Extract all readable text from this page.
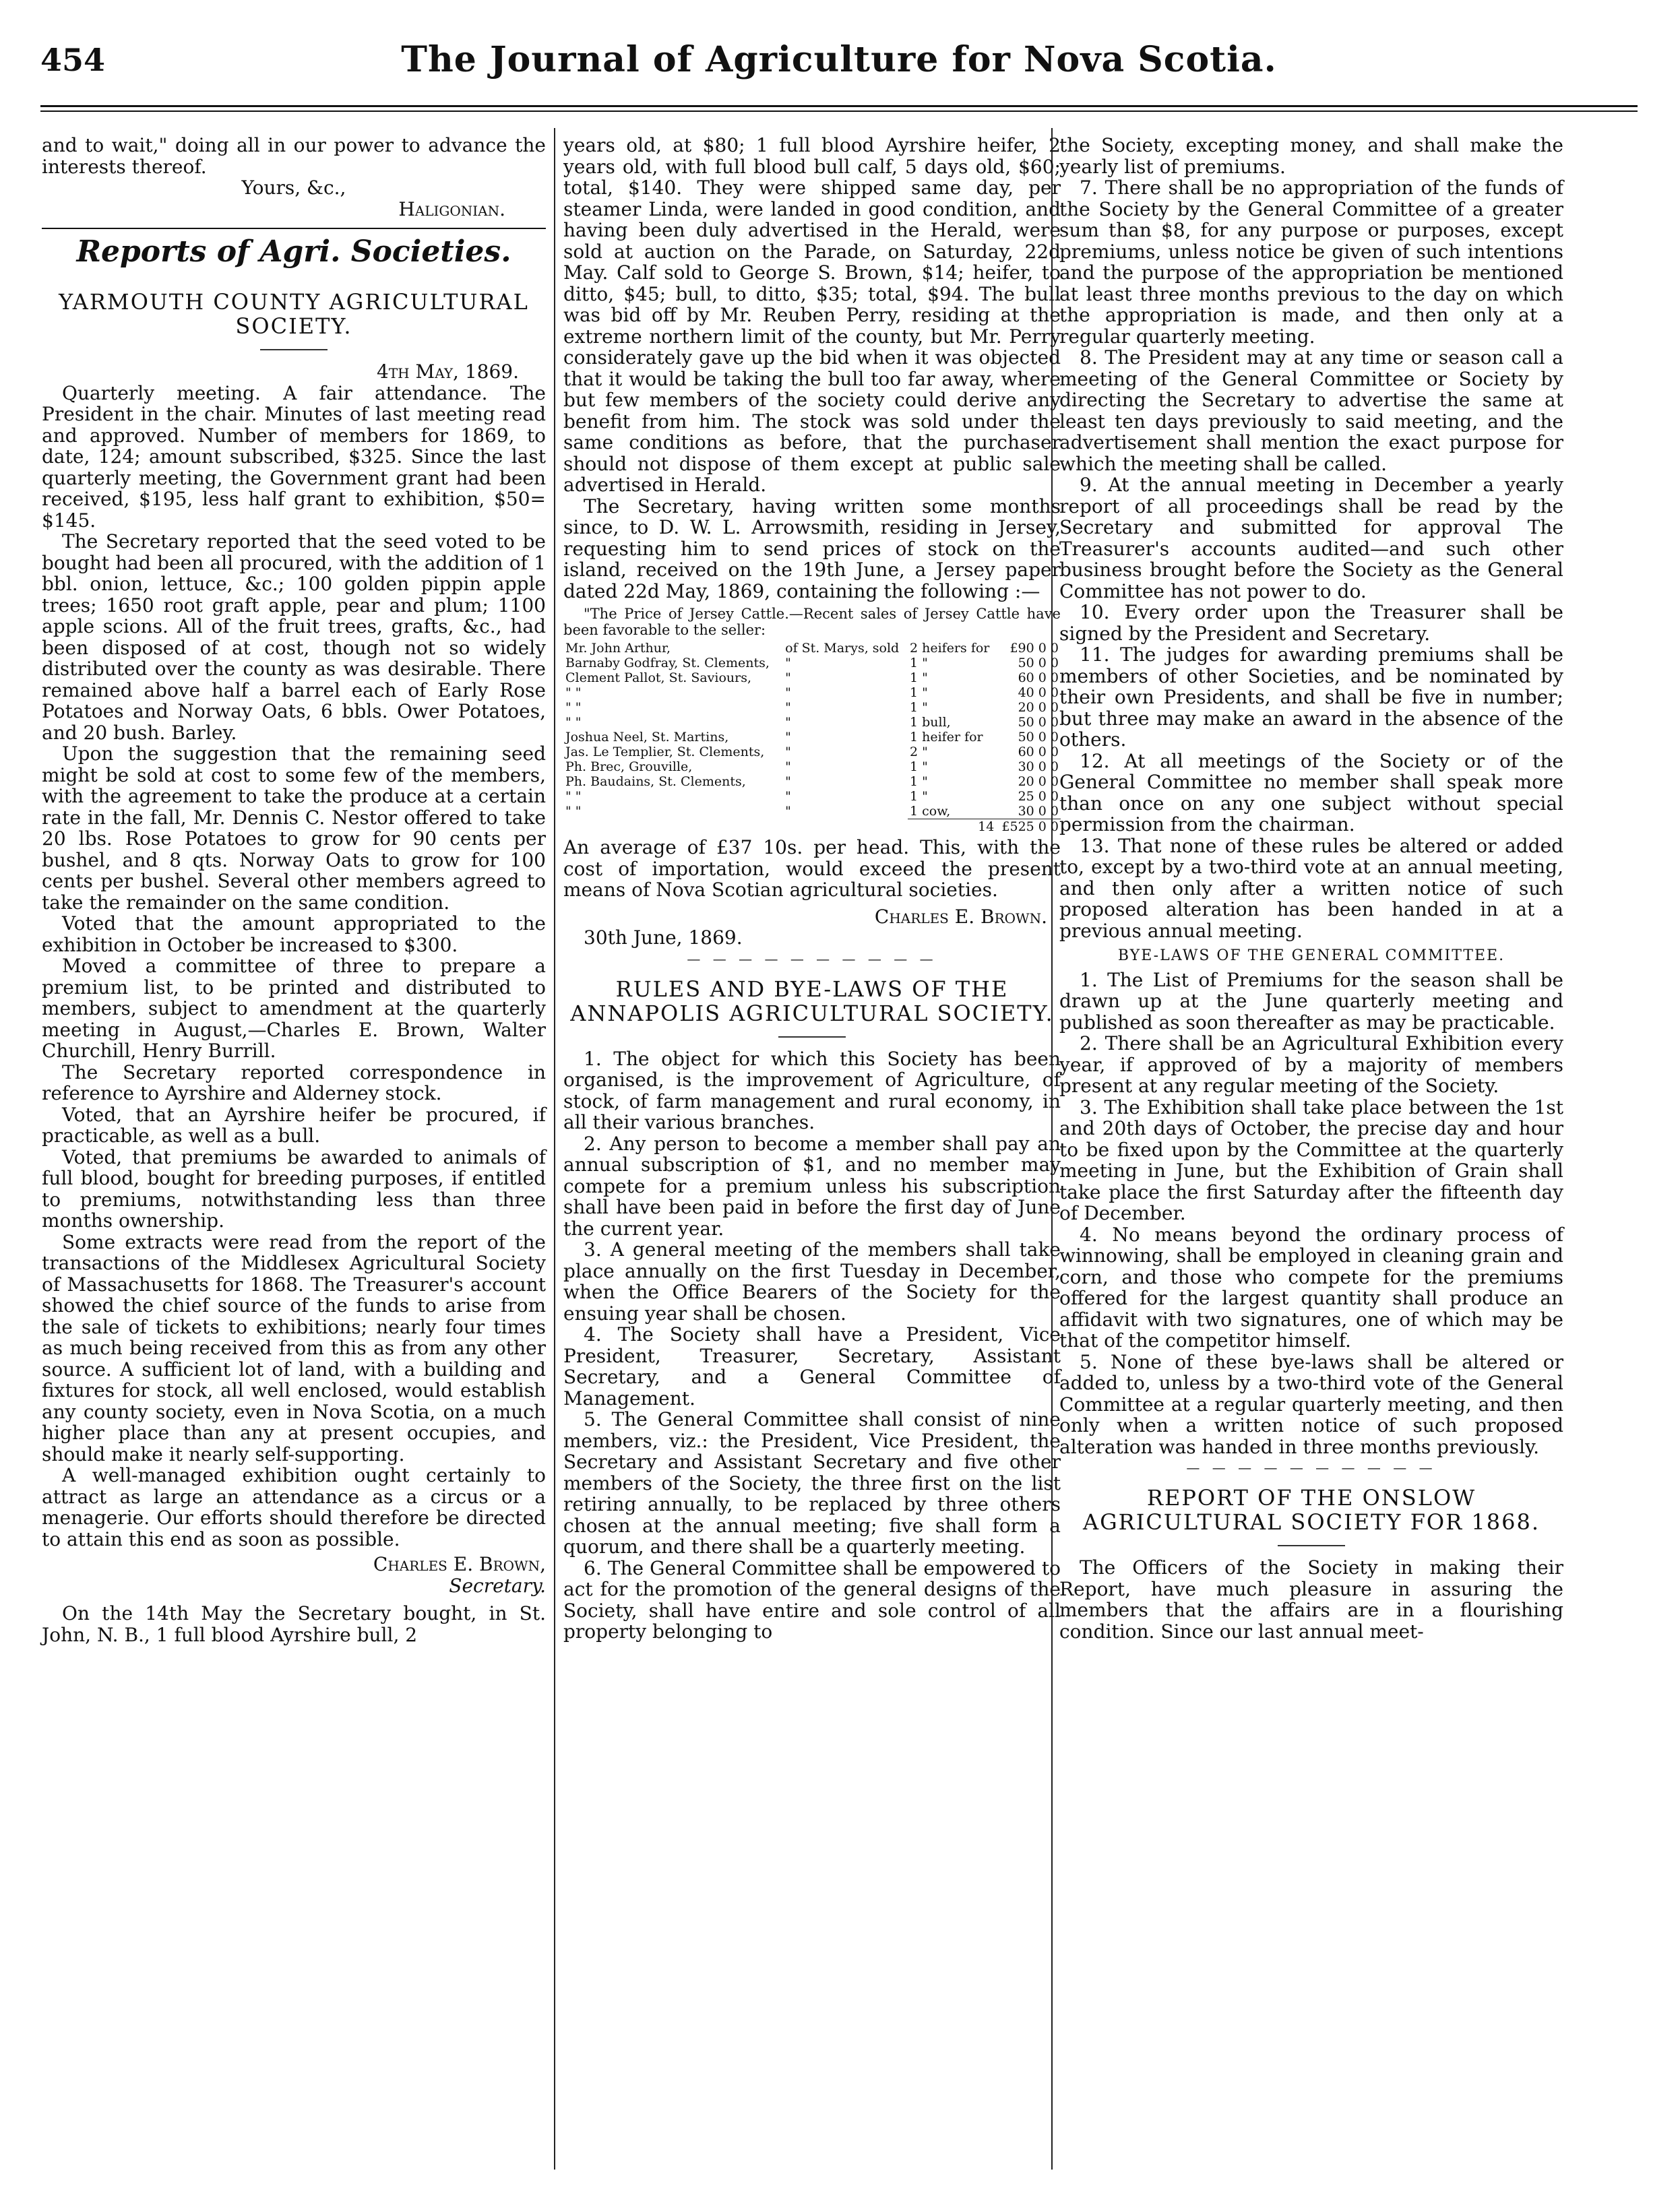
454	The Journal of Agriculture for Nova Scotia.

and to wait," doing all in our power to advance the interests thereof.

Yours, &c.,

Haligonian.

Reports of Agri. Societies.
YARMOUTH COUNTY AGRICULTURAL SOCIETY.

4th May, 1869.

Quarterly meeting. A fair attendance. The President in the chair. Minutes of last meeting read and approved. Number of members for 1869, to date, 124; amount subscribed, $325. Since the last quarterly meeting, the Government grant had been received, $195, less half grant to exhibition, $50= $145.

The Secretary reported that the seed voted to be bought had been all procured, with the addition of 1 bbl. onion, lettuce, &c.; 100 golden pippin apple trees; 1650 root graft apple, pear and plum; 1100 apple scions. All of the fruit trees, grafts, &c., had been disposed of at cost, though not so widely distributed over the county as was desirable. There remained above half a barrel each of Early Rose Potatoes and Norway Oats, 6 bbls. Ower Potatoes, and 20 bush. Barley.

Upon the suggestion that the remaining seed might be sold at cost to some few of the members, with the agreement to take the produce at a certain rate in the fall, Mr. Dennis C. Nestor offered to take 20 lbs. Rose Potatoes to grow for 90 cents per bushel, and 8 qts. Norway Oats to grow for 100 cents per bushel. Several other members agreed to take the remainder on the same condition.

Voted that the amount appropriated to the exhibition in October be increased to $300.

Moved a committee of three to prepare a premium list, to be printed and distributed to members, subject to amendment at the quarterly meeting in August,—Charles E. Brown, Walter Churchill, Henry Burrill.

The Secretary reported correspondence in reference to Ayrshire and Alderney stock.

Voted, that an Ayrshire heifer be procured, if practicable, as well as a bull.

Voted, that premiums be awarded to animals of full blood, bought for breeding purposes, if entitled to premiums, notwithstanding less than three months ownership.

Some extracts were read from the report of the transactions of the Middlesex Agricultural Society of Massachusetts for 1868. The Treasurer's account showed the chief source of the funds to arise from the sale of tickets to exhibitions; nearly four times as much being received from this as from any other source. A sufficient lot of land, with a building and fixtures for stock, all well enclosed, would establish any county society, even in Nova Scotia, on a much higher place than any at present occupies, and should make it nearly self-supporting.

A well-managed exhibition ought certainly to attract as large an attendance as a circus or a menagerie. Our efforts should therefore be directed to attain this end as soon as possible.

Charles E. Brown,

Secretary.

On the 14th May the Secretary bought, in St. John, N. B., 1 full blood Ayrshire bull, 2

years old, at $80; 1 full blood Ayrshire heifer, 2 years old, with full blood bull calf, 5 days old, $60; total, $140. They were shipped same day, per steamer Linda, were landed in good condition, and having been duly advertised in the Herald, were sold at auction on the Parade, on Saturday, 22d May. Calf sold to George S. Brown, $14; heifer, to ditto, $45; bull, to ditto, $35; total, $94. The bull was bid off by Mr. Reuben Perry, residing at the extreme northern limit of the county, but Mr. Perry considerately gave up the bid when it was objected that it would be taking the bull too far away, where but few members of the society could derive any benefit from him. The stock was sold under the same conditions as before, that the purchaser should not dispose of them except at public sale advertised in Herald.

The Secretary, having written some months since, to D. W. L. Arrowsmith, residing in Jersey, requesting him to send prices of stock on the island, received on the 19th June, a Jersey paper dated 22d May, 1869, containing the following :—

"The Price of Jersey Cattle.—Recent sales of Jersey Cattle have been favorable to the seller:

Mr. John Arthur,	of St. Marys, sold	2 heifers for	£90 0 0
Barnaby Godfray, St. Clements,	"	1 "	50 0 0
Clement Pallot, St. Saviours,	"	1 "	60 0 0
" "	"	1 "	40 0 0
" "	"	1 "	20 0 0
" "	"	1 bull,	50 0 0
Joshua Neel, St. Martins,	"	1 heifer for	50 0 0
Jas. Le Templier, St. Clements,	"	2 "	60 0 0
Ph. Brec, Grouville,	"	1 "	30 0 0
Ph. Baudains, St. Clements,	"	1 "	20 0 0
" "	"	1 "	25 0 0
" "	"	1 cow,	30 0 0
		14	£525 0 0

An average of £37 10s. per head. This, with the cost of importation, would exceed the present means of Nova Scotian agricultural societies.

Charles E. Brown.

30th June, 1869.

— — — — — — — — — —
RULES AND BYE-LAWS OF THE ANNAPOLIS AGRICULTURAL SOCIETY.

1. The object for which this Society has been organised, is the improvement of Agriculture, of stock, of farm management and rural economy, in all their various branches.

2. Any person to become a member shall pay an annual subscription of $1, and no member may compete for a premium unless his subscription shall have been paid in before the first day of June the current year.

3. A general meeting of the members shall take place annually on the first Tuesday in December, when the Office Bearers of the Society for the ensuing year shall be chosen.

4. The Society shall have a President, Vice President, Treasurer, Secretary, Assistant Secretary, and a General Committee of Management.

5. The General Committee shall consist of nine members, viz.: the President, Vice President, the Secretary and Assistant Secretary and five other members of the Society, the three first on the list retiring annually, to be replaced by three others chosen at the annual meeting; five shall form a quorum, and there shall be a quarterly meeting.

6. The General Committee shall be empowered to act for the promotion of the general designs of the Society, shall have entire and sole control of all property belonging to

the Society, excepting money, and shall make the yearly list of premiums.

7. There shall be no appropriation of the funds of the Society by the General Committee of a greater sum than $8, for any purpose or purposes, except premiums, unless notice be given of such intentions and the purpose of the appropriation be mentioned at least three months previous to the day on which the appropriation is made, and then only at a regular quarterly meeting.

8. The President may at any time or season call a meeting of the General Committee or Society by directing the Secretary to advertise the same at least ten days previously to said meeting, and the advertisement shall mention the exact purpose for which the meeting shall be called.

9. At the annual meeting in December a yearly report of all proceedings shall be read by the Secretary and submitted for approval The Treasurer's accounts audited—and such other business brought before the Society as the General Committee has not power to do.

10. Every order upon the Treasurer shall be signed by the President and Secretary.

11. The judges for awarding premiums shall be members of other Societies, and be nominated by their own Presidents, and shall be five in number; but three may make an award in the absence of the others.

12. At all meetings of the Society or of the General Committee no member shall speak more than once on any one subject without special permission from the chairman.

13. That none of these rules be altered or added to, except by a two-third vote at an annual meeting, and then only after a written notice of such proposed alteration has been handed in at a previous annual meeting.

BYE-LAWS OF THE GENERAL COMMITTEE.

1. The List of Premiums for the season shall be drawn up at the June quarterly meeting and published as soon thereafter as may be practicable.

2. There shall be an Agricultural Exhibition every year, if approved of by a majority of members present at any regular meeting of the Society.

3. The Exhibition shall take place between the 1st and 20th days of October, the precise day and hour to be fixed upon by the Committee at the quarterly meeting in June, but the Exhibition of Grain shall take place the first Saturday after the fifteenth day of December.

4. No means beyond the ordinary process of winnowing, shall be employed in cleaning grain and corn, and those who compete for the premiums offered for the largest quantity shall produce an affidavit with two signatures, one of which may be that of the competitor himself.

5. None of these bye-laws shall be altered or added to, unless by a two-third vote of the General Committee at a regular quarterly meeting, and then only when a written notice of such proposed alteration was handed in three months previously.

— — — — — — — — — —
REPORT OF THE ONSLOW AGRICULTURAL SOCIETY FOR 1868.

The Officers of the Society in making their Report, have much pleasure in assuring the members that the affairs are in a flourishing condition. Since our last annual meet-
